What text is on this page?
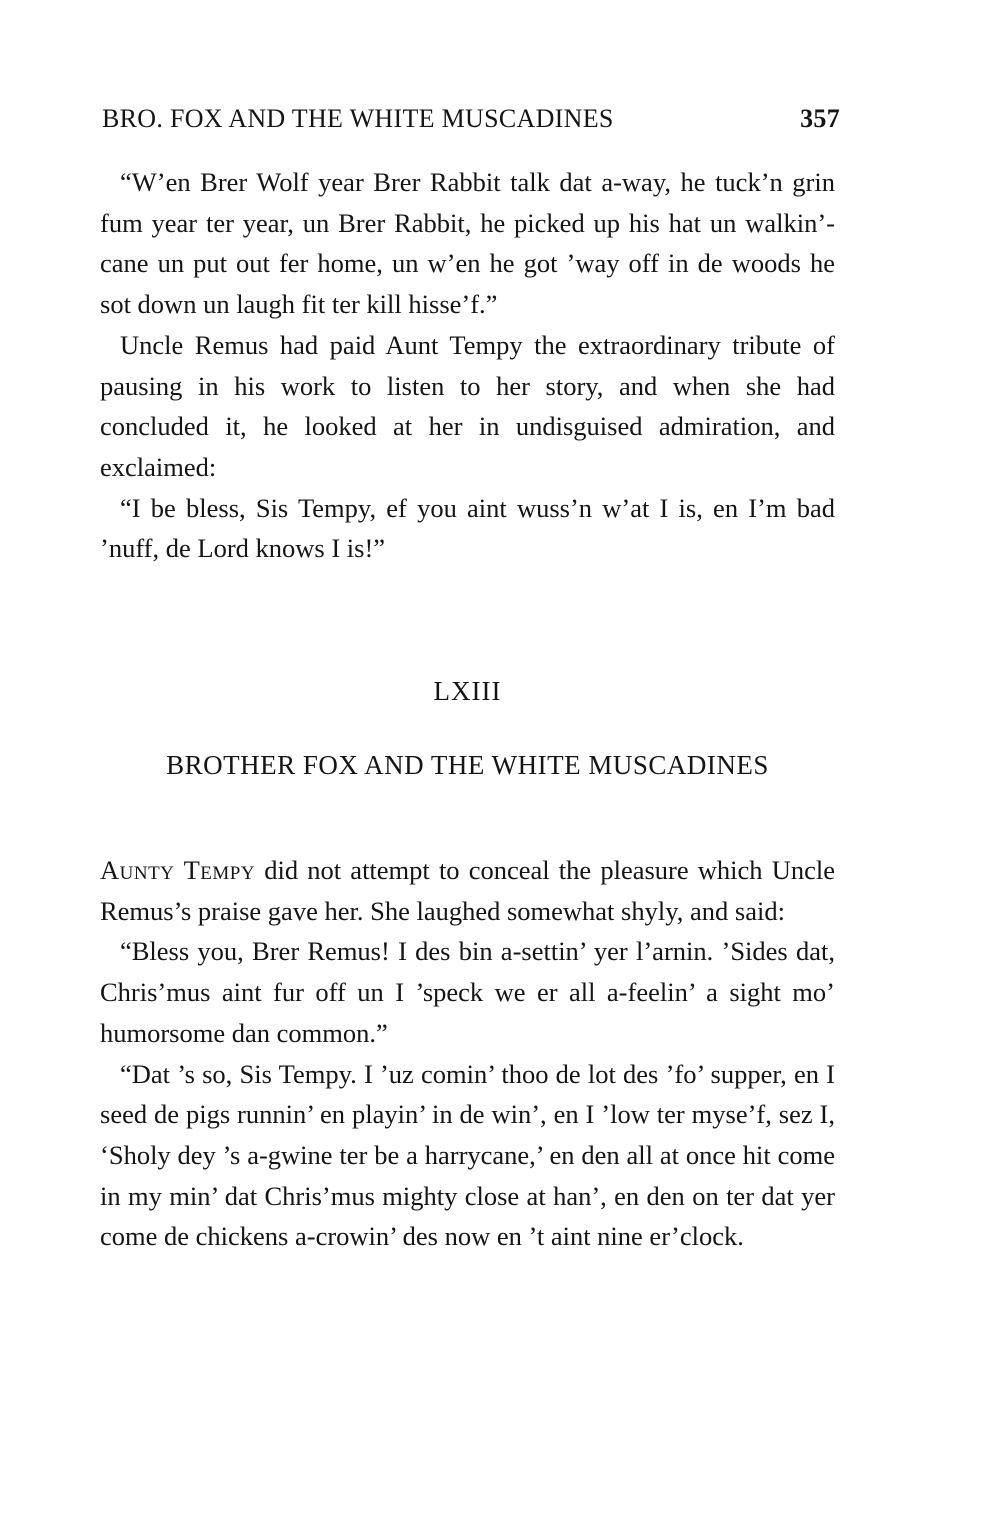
BRO. FOX AND THE WHITE MUSCADINES	357

“W’en Brer Wolf year Brer Rabbit talk dat a-way, he tuck’n grin fum year ter year, un Brer Rabbit, he picked up his hat un walkin’-cane un put out fer home, un w’en he got ’way off in de woods he sot down un laugh fit ter kill hisse’f.”

Uncle Remus had paid Aunt Tempy the extraordinary tribute of pausing in his work to listen to her story, and when she had concluded it, he looked at her in undisguised admiration, and exclaimed:

“I be bless, Sis Tempy, ef you aint wuss’n w’at I is, en I’m bad ’nuff, de Lord knows I is!”

LXIII
BROTHER FOX AND THE WHITE MUSCADINES

Aunty Tempy did not attempt to conceal the pleasure which Uncle Remus’s praise gave her. She laughed somewhat shyly, and said:

“Bless you, Brer Remus! I des bin a-settin’ yer l’arnin. ’Sides dat, Chris’mus aint fur off un I ’speck we er all a-feelin’ a sight mo’ humorsome dan common.”

“Dat ’s so, Sis Tempy. I ’uz comin’ thoo de lot des ’fo’ supper, en I seed de pigs runnin’ en playin’ in de win’, en I ’low ter myse’f, sez I, ‘Sholy dey ’s a-gwine ter be a harrycane,’ en den all at once hit come in my min’ dat Chris’mus mighty close at han’, en den on ter dat yer come de chickens a-crowin’ des now en ’t aint nine er’clock.
